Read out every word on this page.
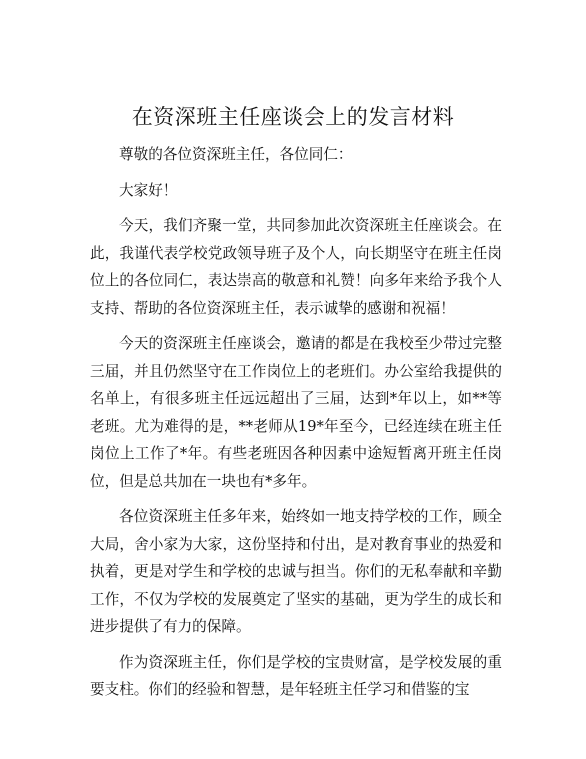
在资深班主任座谈会上的发言材料

尊敬的各位资深班主任，各位同仁：

大家好！

今天，我们齐聚一堂，共同参加此次资深班主任座谈会。在此，我谨代表学校党政领导班子及个人，向长期坚守在班主任岗位上的各位同仁，表达崇高的敬意和礼赞！向多年来给予我个人支持、帮助的各位资深班主任，表示诚挚的感谢和祝福！

今天的资深班主任座谈会，邀请的都是在我校至少带过完整三届，并且仍然坚守在工作岗位上的老班们。办公室给我提供的名单上，有很多班主任远远超出了三届，达到*年以上，如**等老班。尤为难得的是，**老师从19*年至今，已经连续在班主任岗位上工作了*年。有些老班因各种因素中途短暂离开班主任岗位，但是总共加在一块也有*多年。

各位资深班主任多年来，始终如一地支持学校的工作，顾全大局，舍小家为大家，这份坚持和付出，是对教育事业的热爱和执着，更是对学生和学校的忠诚与担当。你们的无私奉献和辛勤工作，不仅为学校的发展奠定了坚实的基础，更为学生的成长和进步提供了有力的保障。

作为资深班主任，你们是学校的宝贵财富，是学校发展的重要支柱。你们的经验和智慧，是年轻班主任学习和借鉴的宝
